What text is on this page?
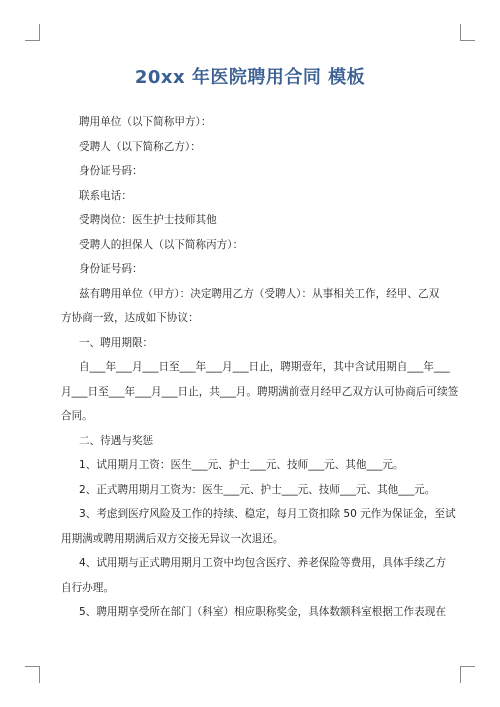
20xx 年医院聘用合同 模板

聘用单位（以下简称甲方）：

受聘人（以下简称乙方）：

身份证号码：

联系电话：

受聘岗位：医生护士技师其他

受聘人的担保人（以下简称丙方）：

身份证号码：

兹有聘用单位（甲方）：决定聘用乙方（受聘人）：从事相关工作，经甲、乙双

方协商一致，达成如下协议：

一、聘用期限：

自___年___月___日至___年___月___日止，聘期壹年，其中含试用期自___年___

月___日至___年___月___日止，共___月。聘期满前壹月经甲乙双方认可协商后可续签

合同。

二、待遇与奖惩

1、试用期月工资：医生___元、护士___元、技师___元、其他___元。

2、正式聘用期月工资为：医生___元、护士___元、技师___元、其他___元。

3、考虑到医疗风险及工作的持续、稳定，每月工资扣除 50 元作为保证金，至试

用期满或聘用期满后双方交接无异议一次退还。

4、试用期与正式聘用期月工资中均包含医疗、养老保险等费用，具体手续乙方

自行办理。

5、聘用期享受所在部门（科室）相应职称奖金，具体数额科室根据工作表现在
